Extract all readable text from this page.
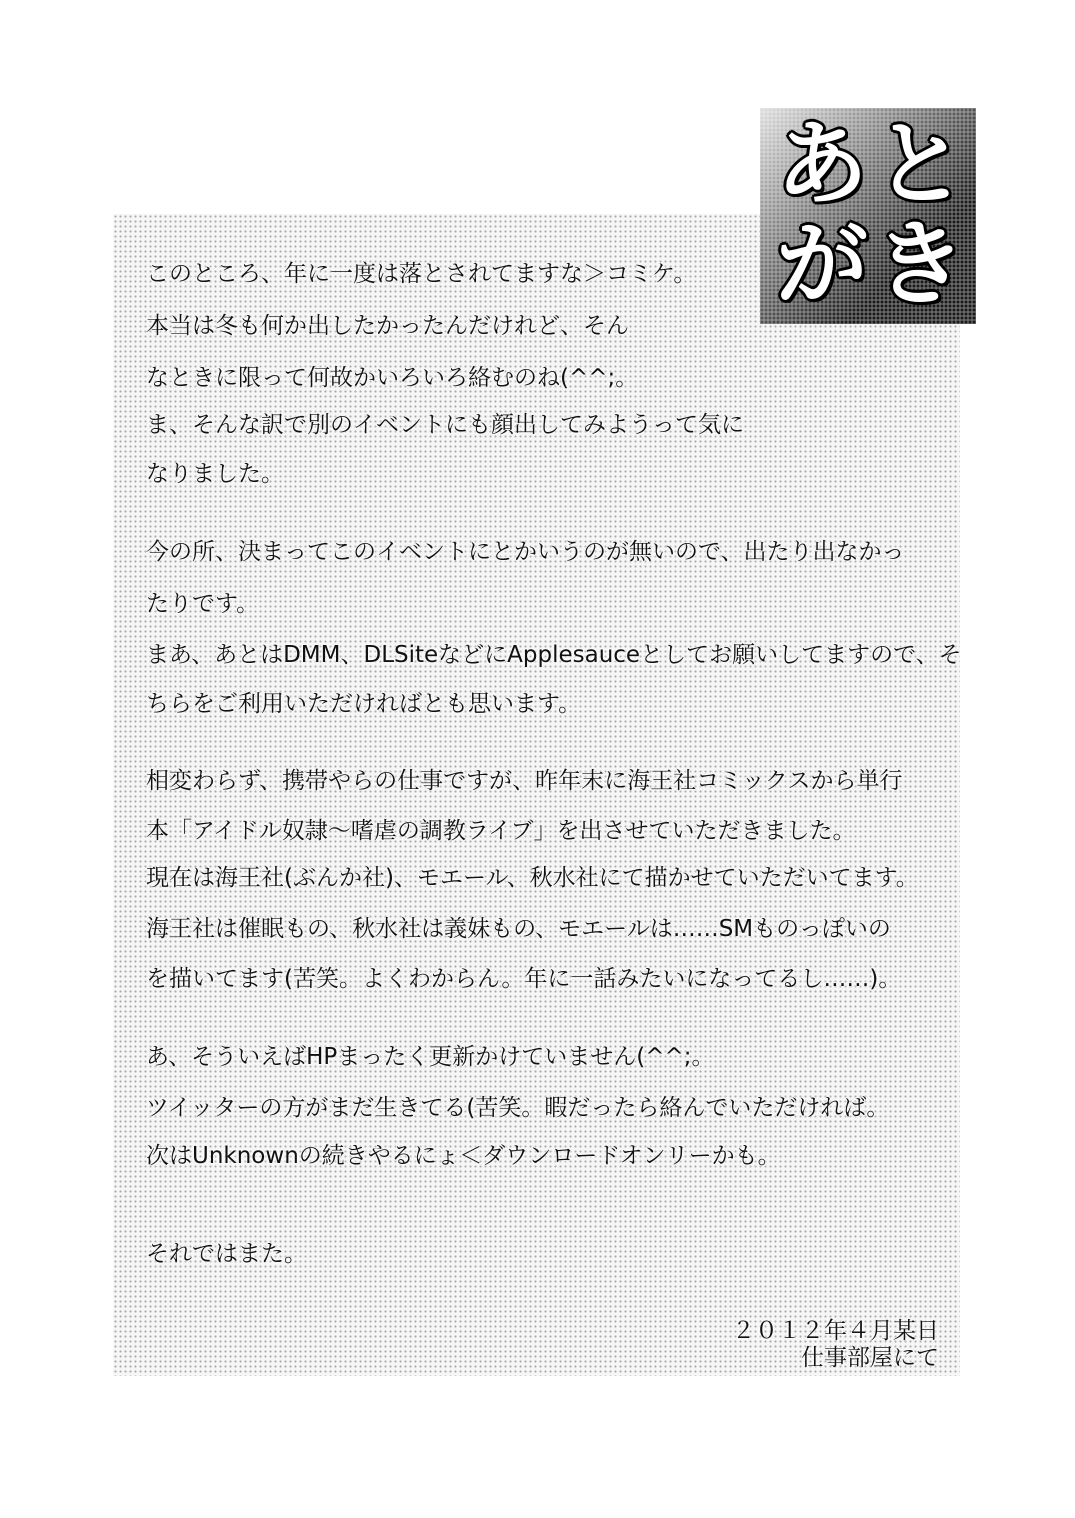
あ と
が き
このところ、年に一度は落とされてますな＞コミケ。
本当は冬も何か出したかったんだけれど、そん
なときに限って何故かいろいろ絡むのね(^^;。
ま、そんな訳で別のイベントにも顔出してみようって気に
なりました。
今の所、決まってこのイベントにとかいうのが無いので、出たり出なかっ
たりです。
まあ、あとはDMM、DLSiteなどにApplesauceとしてお願いしてますので、そ
ちらをご利用いただければとも思います。
相変わらず、携帯やらの仕事ですが、昨年末に海王社コミックスから単行
本「アイドル奴隷～嗜虐の調教ライブ」を出させていただきました。
現在は海王社(ぶんか社)、モエール、秋水社にて描かせていただいてます。
海王社は催眠もの、秋水社は義妹もの、モエールは……SMものっぽいの
を描いてます(苦笑。よくわからん。年に一話みたいになってるし……)。
あ、そういえばHPまったく更新かけていません(^^;。
ツイッターの方がまだ生きてる(苦笑。暇だったら絡んでいただければ。
次はUnknownの続きやるにょ＜ダウンロードオンリーかも。
それではまた。
２０１２年４月某日
仕事部屋にて
